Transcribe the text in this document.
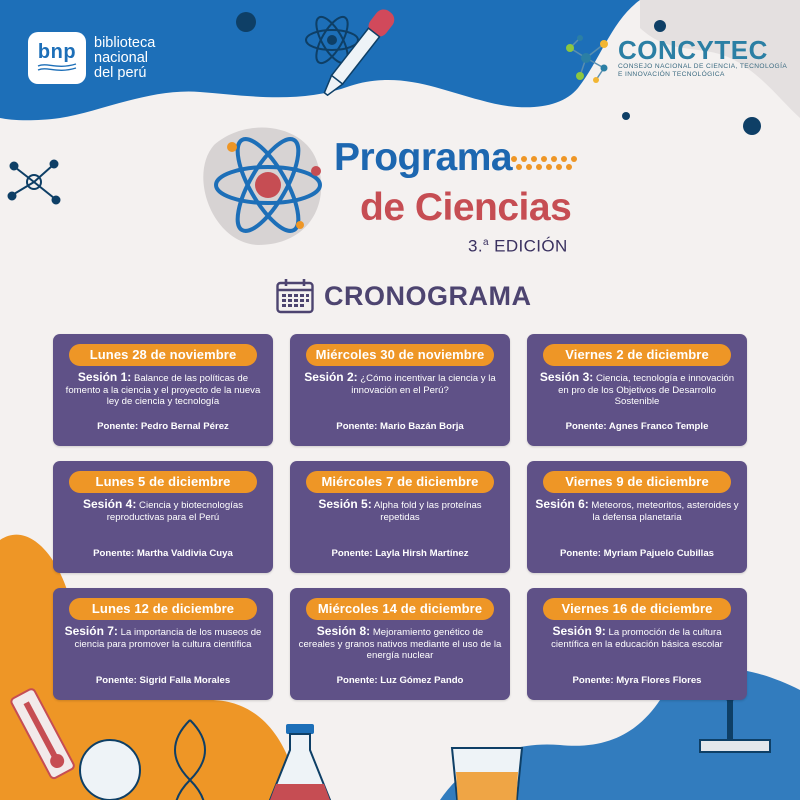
bnp biblioteca
nacional
del perú
CONCYTEC
CONSEJO NACIONAL DE CIENCIA, TECNOLOGÍA E INNOVACIÓN TECNOLÓGICA
Programa
de Ciencias
3.$^a$ EDICIÓN
CRONOGRAMA
Lunes 28 de noviembre
Sesión 1: Balance de las políticas de fomento a la ciencia y el proyecto de la nueva ley de ciencia y tecnología
Ponente: Pedro Bernal Pérez
Miércoles 30 de noviembre
Sesión 2: ¿Cómo incentivar la ciencia y la innovación en el Perú?
Ponente: Mario Bazán Borja
Viernes 2 de diciembre
Sesión 3: Ciencia, tecnología e innovación en pro de los Objetivos de Desarrollo Sostenible
Ponente: Agnes Franco Temple
Lunes 5 de diciembre
Sesión 4: Ciencia y biotecnologías reproductivas para el Perú
Ponente: Martha Valdivia Cuya
Miércoles 7 de diciembre
Sesión 5: Alpha fold y las proteínas repetidas
Ponente: Layla Hirsh Martínez
Viernes 9 de diciembre
Sesión 6: Meteoros, meteoritos, asteroides y la defensa planetaria
Ponente: Myriam Pajuelo Cubillas
Lunes 12 de diciembre
Sesión 7: La importancia de los museos de ciencia para promover la cultura científica
Ponente: Sigrid Falla Morales
Miércoles 14 de diciembre
Sesión 8: Mejoramiento genético de cereales y granos nativos mediante el uso de la energía nuclear
Ponente: Luz Gómez Pando
Viernes 16 de diciembre
Sesión 9: La promoción de la cultura científica en la educación básica escolar
Ponente: Myra Flores Flores
